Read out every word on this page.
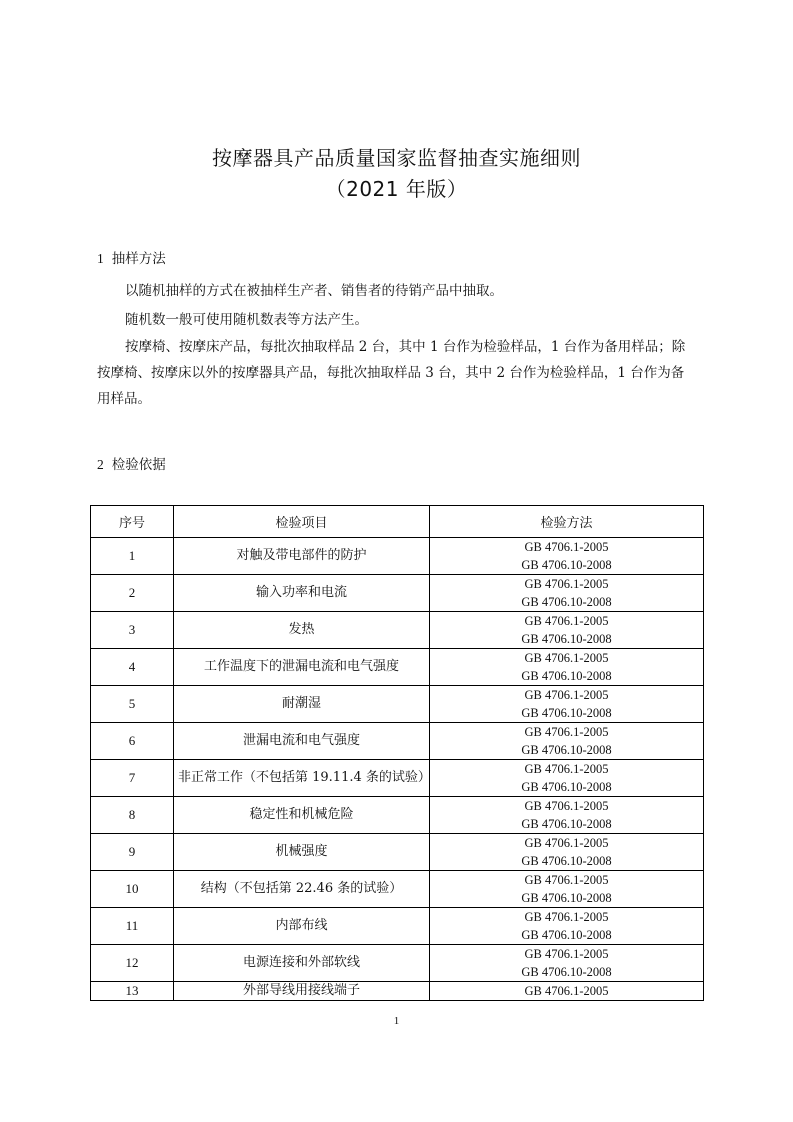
按摩器具产品质量国家监督抽查实施细则
（2021 年版）
1 抽样方法
以随机抽样的方式在被抽样生产者、销售者的待销产品中抽取。
随机数一般可使用随机数表等方法产生。
按摩椅、按摩床产品，每批次抽取样品 2 台，其中 1 台作为检验样品，1 台作为备用样品；除
按摩椅、按摩床以外的按摩器具产品，每批次抽取样品 3 台，其中 2 台作为检验样品，1 台作为备
用样品。
2 检验依据
序号	检验项目	检验方法
1	对触及带电部件的防护	GB 4706.1-2005
GB 4706.10-2008

2	输入功率和电流	GB 4706.1-2005
GB 4706.10-2008

3	发热	GB 4706.1-2005
GB 4706.10-2008

4	工作温度下的泄漏电流和电气强度	GB 4706.1-2005
GB 4706.10-2008

5	耐潮湿	GB 4706.1-2005
GB 4706.10-2008

6	泄漏电流和电气强度	GB 4706.1-2005
GB 4706.10-2008

7	非正常工作（不包括第 19.11.4 条的试验）	GB 4706.1-2005
GB 4706.10-2008

8	稳定性和机械危险	GB 4706.1-2005
GB 4706.10-2008

9	机械强度	GB 4706.1-2005
GB 4706.10-2008

10	结构（不包括第 22.46 条的试验）	GB 4706.1-2005
GB 4706.10-2008

11	内部布线	GB 4706.1-2005
GB 4706.10-2008

12	电源连接和外部软线	GB 4706.1-2005
GB 4706.10-2008

13	外部导线用接线端子	GB 4706.1-2005
1
